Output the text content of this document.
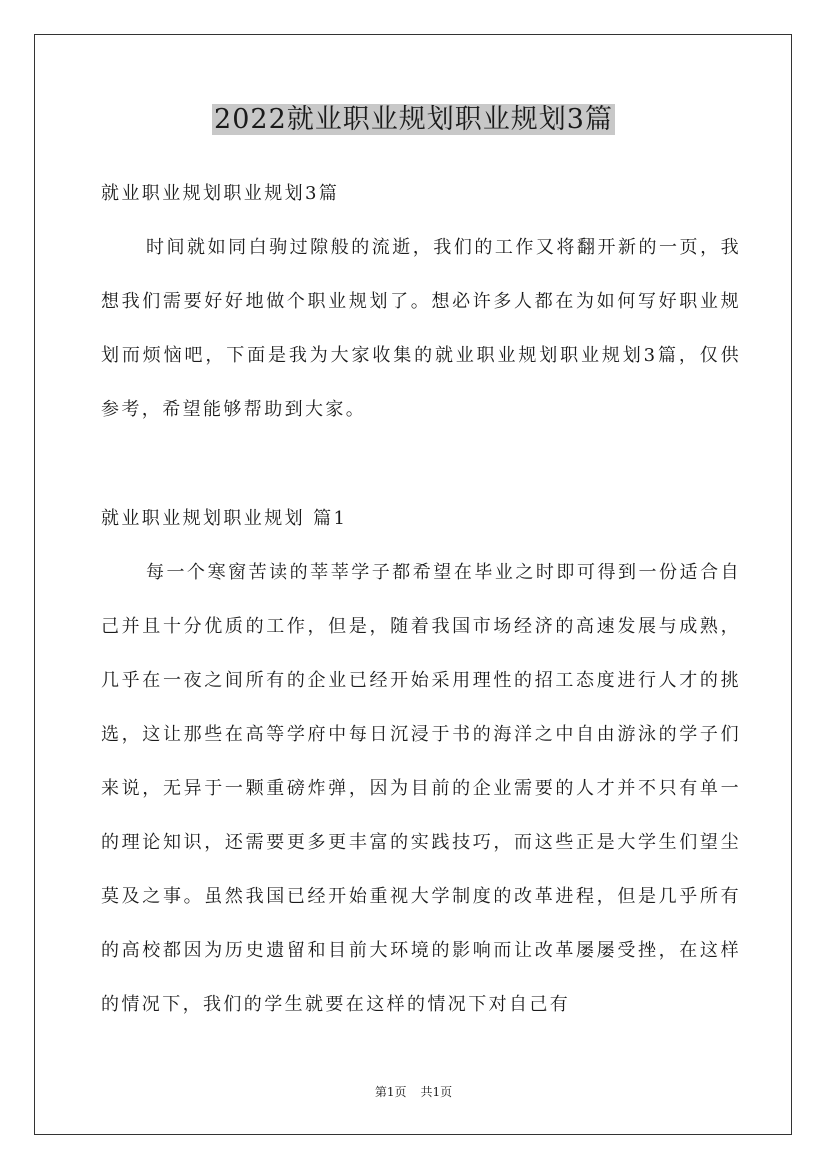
2022就业职业规划职业规划3篇

就业职业规划职业规划3篇

时间就如同白驹过隙般的流逝，我们的工作又将翻开新的一页，我想我们需要好好地做个职业规划了。想必许多人都在为如何写好职业规划而烦恼吧，下面是我为大家收集的就业职业规划职业规划3篇，仅供参考，希望能够帮助到大家。

就业职业规划职业规划 篇1

每一个寒窗苦读的莘莘学子都希望在毕业之时即可得到一份适合自己并且十分优质的工作，但是，随着我国市场经济的高速发展与成熟，几乎在一夜之间所有的企业已经开始采用理性的招工态度进行人才的挑选，这让那些在高等学府中每日沉浸于书的海洋之中自由游泳的学子们来说，无异于一颗重磅炸弹，因为目前的企业需要的人才并不只有单一的理论知识，还需要更多更丰富的实践技巧，而这些正是大学生们望尘莫及之事。虽然我国已经开始重视大学制度的改革进程，但是几乎所有的高校都因为历史遗留和目前大环境的影响而让改革屡屡受挫，在这样的情况下，我们的学生就要在这样的情况下对自己有

第1页 共1页
